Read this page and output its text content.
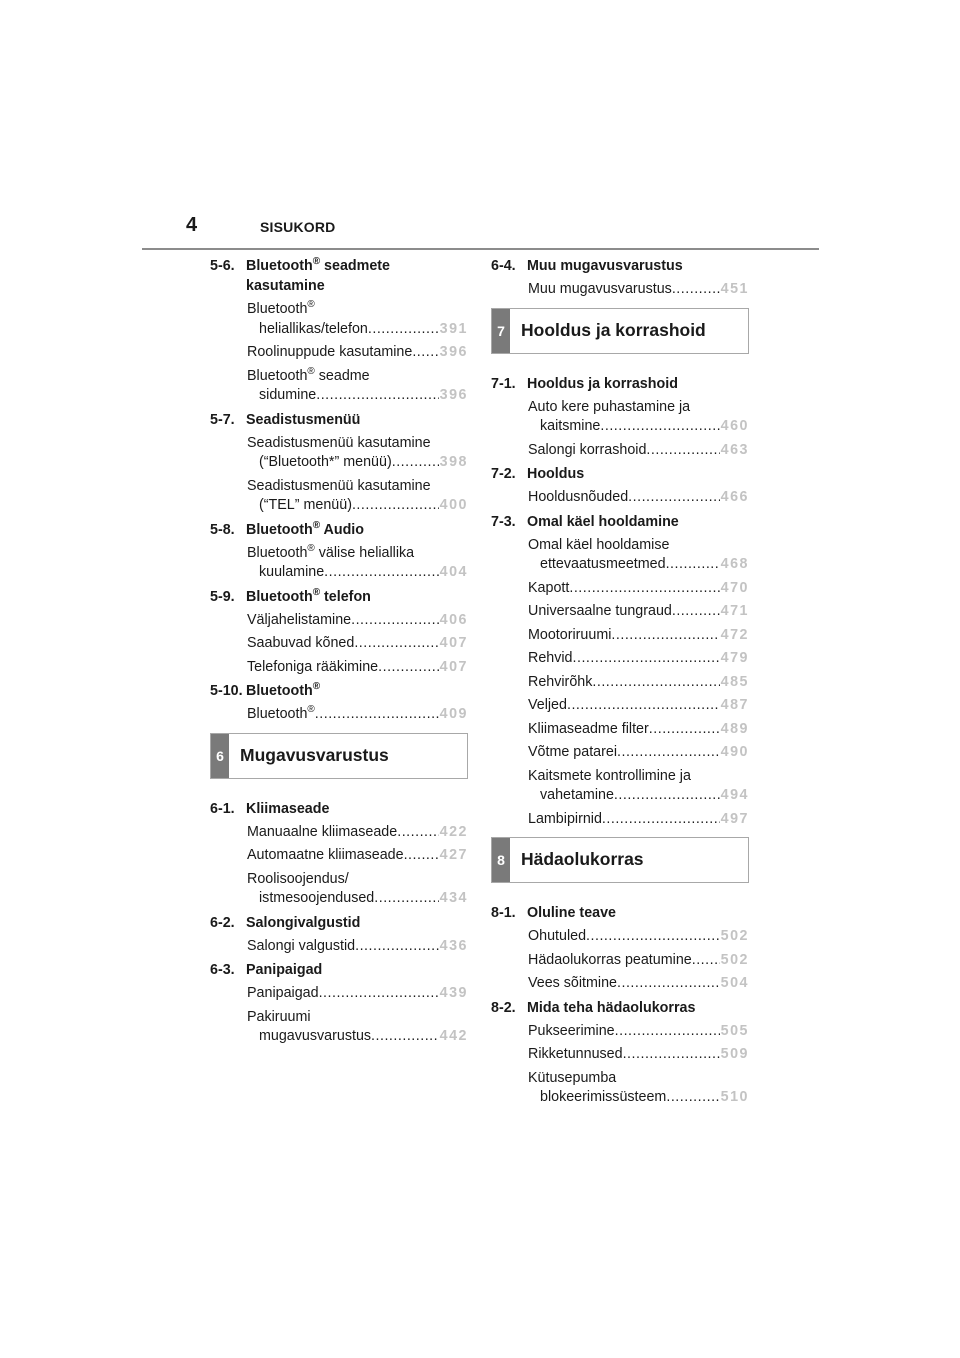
4	SISUKORD
5-6. Bluetooth® seadmete kasutamine
Bluetooth®
heliallikas/telefon .....	391
Roolinuppude kasutamine ..... 396
Bluetooth® seadme
sidumine .....	396
5-7. Seadistusmenüü
Seadistusmenüü kasutamine
(“Bluetooth*” menüü) .....	398
Seadistusmenüü kasutamine
(“TEL” menüü) .....	400
5-8. Bluetooth® Audio
Bluetooth® välise heliallika
kuulamine .....	404
5-9. Bluetooth® telefon
Väljahelistamine .....	406
Saabuvad kõned .....	407
Telefoniga rääkimine .....	407
5-10. Bluetooth®
Bluetooth® .....	409
6 Mugavusvarustus
6-1. Kliimaseade
Manuaalne kliimaseade .....	422
Automaatne kliimaseade .....	427
Roolisoojendus/
istmesoojendused .....	434
6-2. Salongivalgustid
Salongi valgustid .....	436
6-3. Panipaigad
Panipaigad .....	439
Pakiruumi
mugavusvarustus .....	442
6-4. Muu mugavusvarustus
Muu mugavusvarustus .....	451
7 Hooldus ja korrashoid
7-1. Hooldus ja korrashoid
Auto kere puhastamine ja
kaitsmine .....	460
Salongi korrashoid .....	463
7-2. Hooldus
Hooldusnõuded .....	466
7-3. Omal käel hooldamine
Omal käel hooldamise
ettevaatusmeetmed .....	468
Kapott .....	470
Universaalne tungraud .....	471
Mootoriruumi .....	472
Rehvid .....	479
Rehvirõhk .....	485
Veljed .....	487
Kliimaseadme filter .....	489
Võtme patarei .....	490
Kaitsmete kontrollimine ja
vahetamine .....	494
Lambipirnid .....	497
8 Hädaolukorras
8-1. Oluline teave
Ohutuled .....	502
Hädaolukorras peatumine ..... 502
Vees sõitmine .....	504
8-2. Mida teha hädaolukorras
Pukseerimine .....	505
Rikketunnused .....	509
Kütusepumba
blokeerimissüsteem .....	510
